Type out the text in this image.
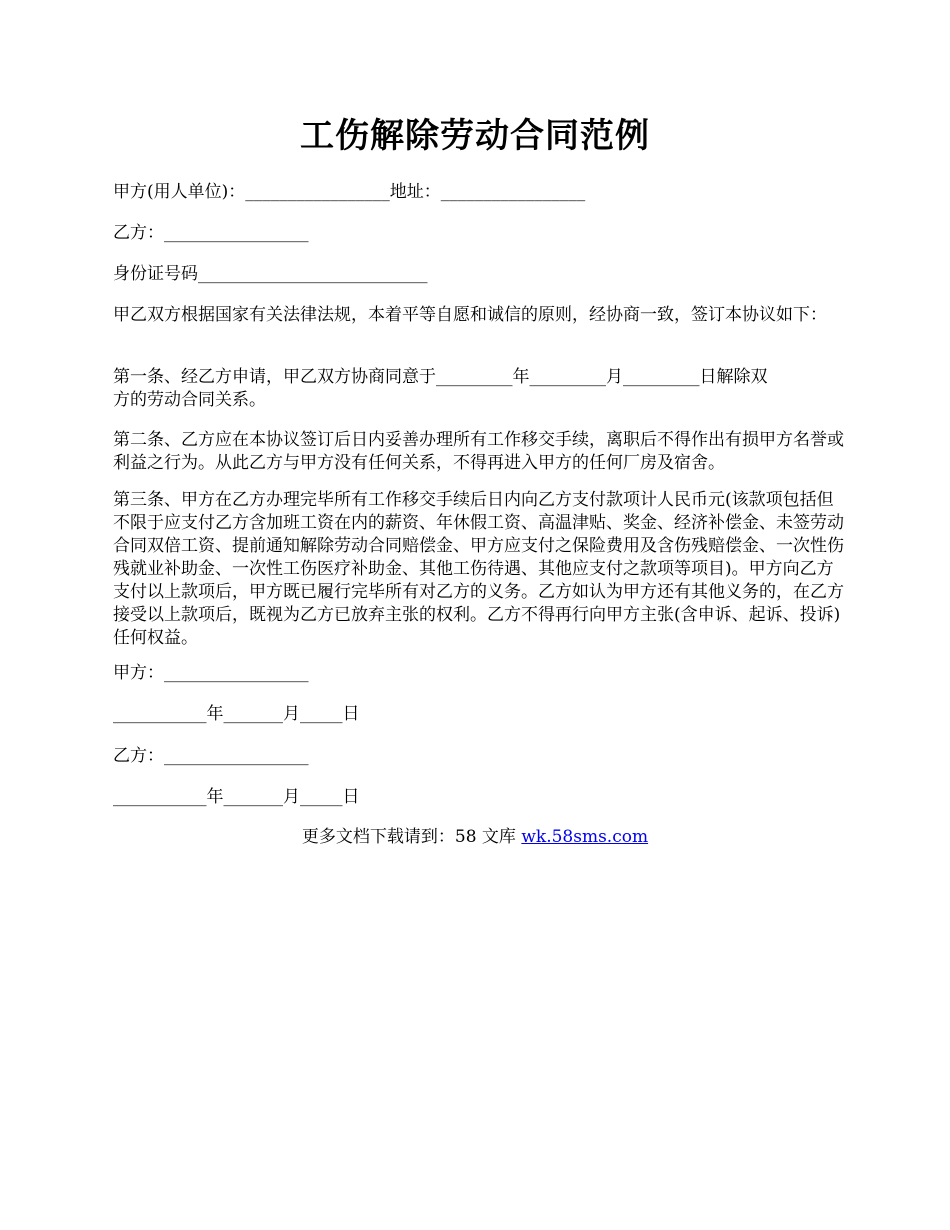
工伤解除劳动合同范例
甲方(用人单位)：_________________地址：_________________
乙方：_________________
身份证号码___________________________

甲乙双方根据国家有关法律法规，本着平等自愿和诚信的原则，经协商一致，签订本协议如下：

第一条、经乙方申请，甲乙双方协商同意于_________年_________月_________日解除双
方的劳动合同关系。

第二条、乙方应在本协议签订后日内妥善办理所有工作移交手续，离职后不得作出有损甲方名誉或利益之行为。从此乙方与甲方没有任何关系，不得再进入甲方的任何厂房及宿舍。

第三条、甲方在乙方办理完毕所有工作移交手续后日内向乙方支付款项计人民币元(该款项包括但不限于应支付乙方含加班工资在内的薪资、年休假工资、高温津贴、奖金、经济补偿金、未签劳动合同双倍工资、提前通知解除劳动合同赔偿金、甲方应支付之保险费用及含伤残赔偿金、一次性伤残就业补助金、一次性工伤医疗补助金、其他工伤待遇、其他应支付之款项等项目)。甲方向乙方支付以上款项后，甲方既已履行完毕所有对乙方的义务。乙方如认为甲方还有其他义务的，在乙方接受以上款项后，既视为乙方已放弃主张的权利。乙方不得再行向甲方主张(含申诉、起诉、投诉)任何权益。

甲方：_________________
___________年_______月_____日
乙方：_________________
___________年_______月_____日
更多文档下载请到：58 文库 wk.58sms.com
